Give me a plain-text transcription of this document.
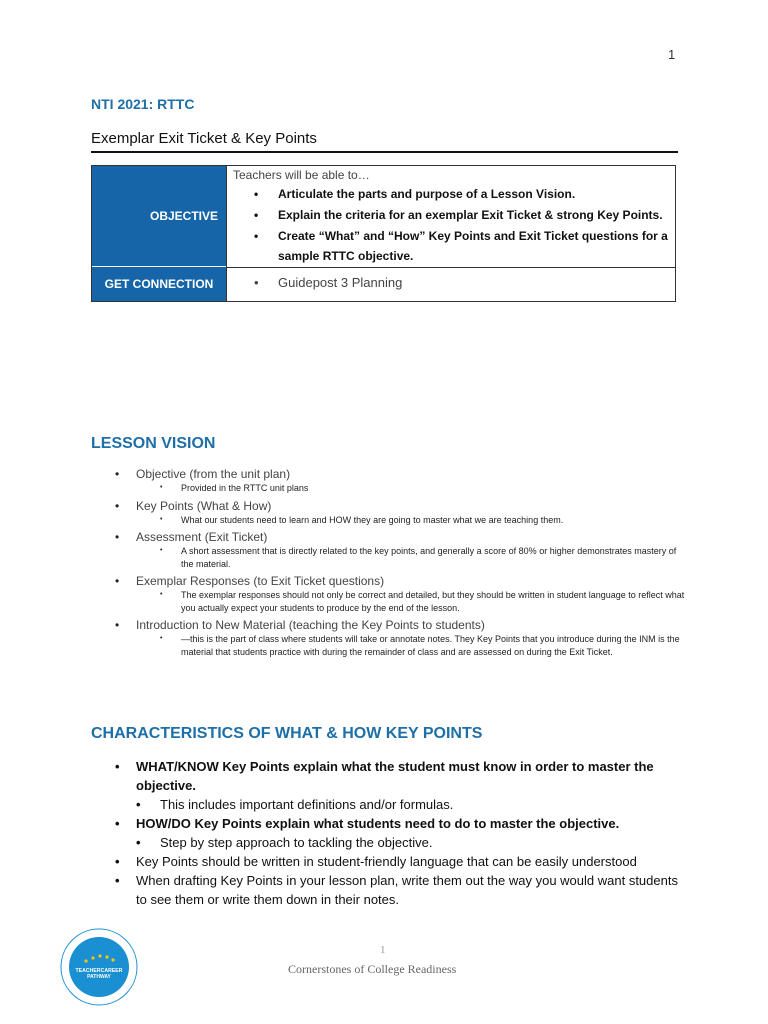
1
NTI 2021: RTTC
Exemplar Exit Ticket & Key Points
OBJECTIVE
GET CONNECTION
Teachers will be able to…
• Articulate the parts and purpose of a Lesson Vision.
• Explain the criteria for an exemplar Exit Ticket & strong Key Points.
• Create “What” and “How” Key Points and Exit Ticket questions for a sample RTTC objective.
• Guidepost 3 Planning
LESSON VISION
• Objective (from the unit plan)
• Provided in the RTTC unit plans
• Key Points (What & How)
• What our students need to learn and HOW they are going to master what we are teaching them.
• Assessment (Exit Ticket)
• A short assessment that is directly related to the key points, and generally a score of 80% or higher demonstrates mastery of the material.
• Exemplar Responses (to Exit Ticket questions)
• The exemplar responses should not only be correct and detailed, but they should be written in student language to reflect what you actually expect your students to produce by the end of the lesson.
• Introduction to New Material (teaching the Key Points to students)
• —this is the part of class where students will take or annotate notes. They Key Points that you introduce during the INM is the material that students practice with during the remainder of class and are assessed on during the Exit Ticket.
CHARACTERISTICS OF WHAT & HOW KEY POINTS
• WHAT/KNOW Key Points explain what the student must know in order to master the objective.
• This includes important definitions and/or formulas.
• HOW/DO Key Points explain what students need to do to master the objective.
• Step by step approach to tackling the objective.
• Key Points should be written in student-friendly language that can be easily understood
• When drafting Key Points in your lesson plan, write them out the way you would want students to see them or write them down in their notes.
TEACHERCAREER
PATHWAY
1
Cornerstones of College Readiness
